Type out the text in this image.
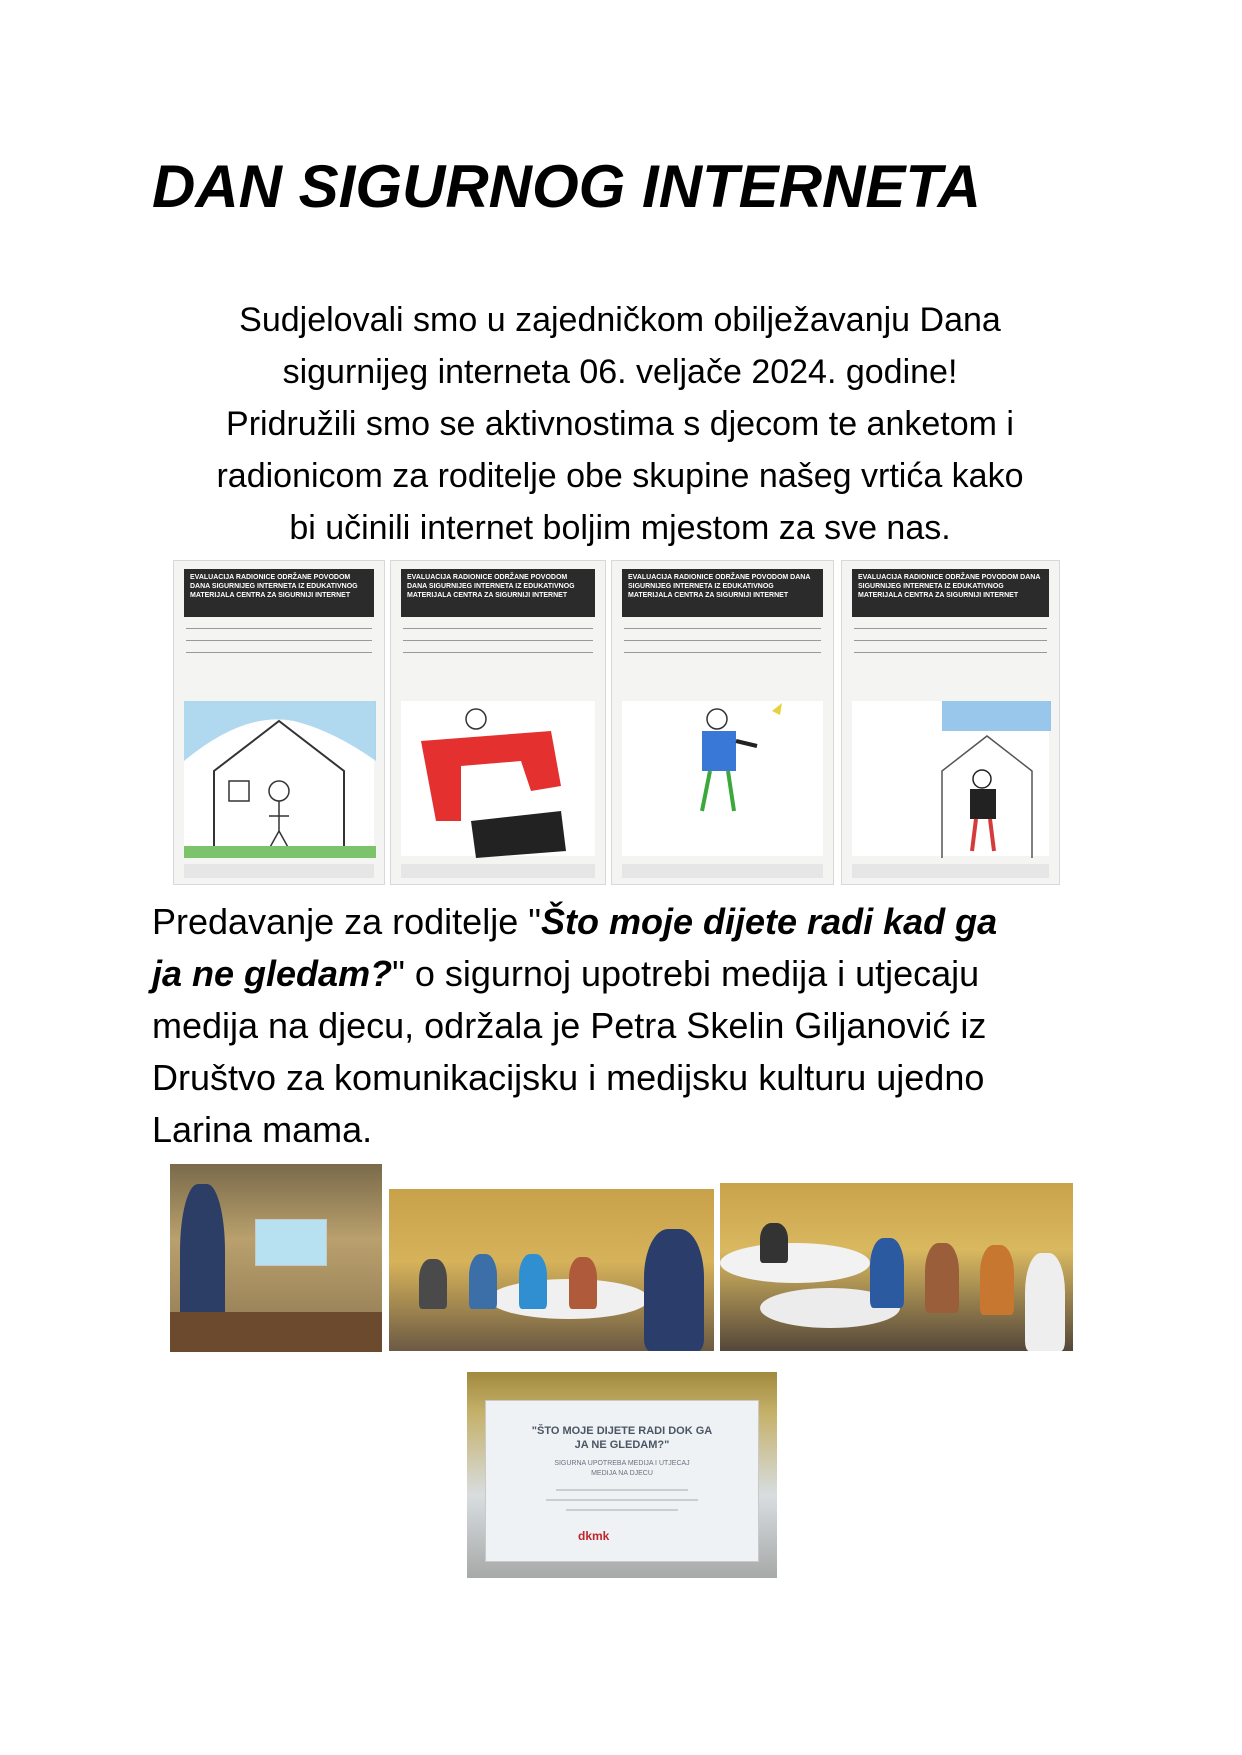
DAN SIGURNOG INTERNETA

Sudjelovali smo u zajedničkom obilježavanju Dana

sigurnijeg interneta 06. veljače 2024. godine!

Pridružili smo se aktivnostima s djecom te anketom i

radionicom za roditelje obe skupine našeg vrtića kako

bi učinili internet boljim mjestom za sve nas.

EVALUACIJA RADIONICE ODRŽANE POVODOM DANA SIGURNIJEG INTERNETA IZ EDUKATIVNOG MATERIJALA CENTRA ZA SIGURNIJI INTERNET
EVALUACIJA RADIONICE ODRŽANE POVODOM DANA SIGURNIJEG INTERNETA IZ EDUKATIVNOG MATERIJALA CENTRA ZA SIGURNIJI INTERNET
EVALUACIJA RADIONICE ODRŽANE POVODOM DANA SIGURNIJEG INTERNETA IZ EDUKATIVNOG MATERIJALA CENTRA ZA SIGURNIJI INTERNET
EVALUACIJA RADIONICE ODRŽANE POVODOM DANA SIGURNIJEG INTERNETA IZ EDUKATIVNOG MATERIJALA CENTRA ZA SIGURNIJI INTERNET

Predavanje za roditelje "Što moje dijete radi kad ga

ja ne gledam?" o sigurnoj upotrebi medija i utjecaju

medija na djecu, održala je Petra Skelin Giljanović iz

Društvo za komunikacijsku i medijsku kulturu ujedno

Larina mama.

"ŠTO MOJE DIJETE RADI DOK GA
JA NE GLEDAM?"
SIGURNA UPOTREBA MEDIJA I UTJECAJ
MEDIJA NA DJECU
dkmk
